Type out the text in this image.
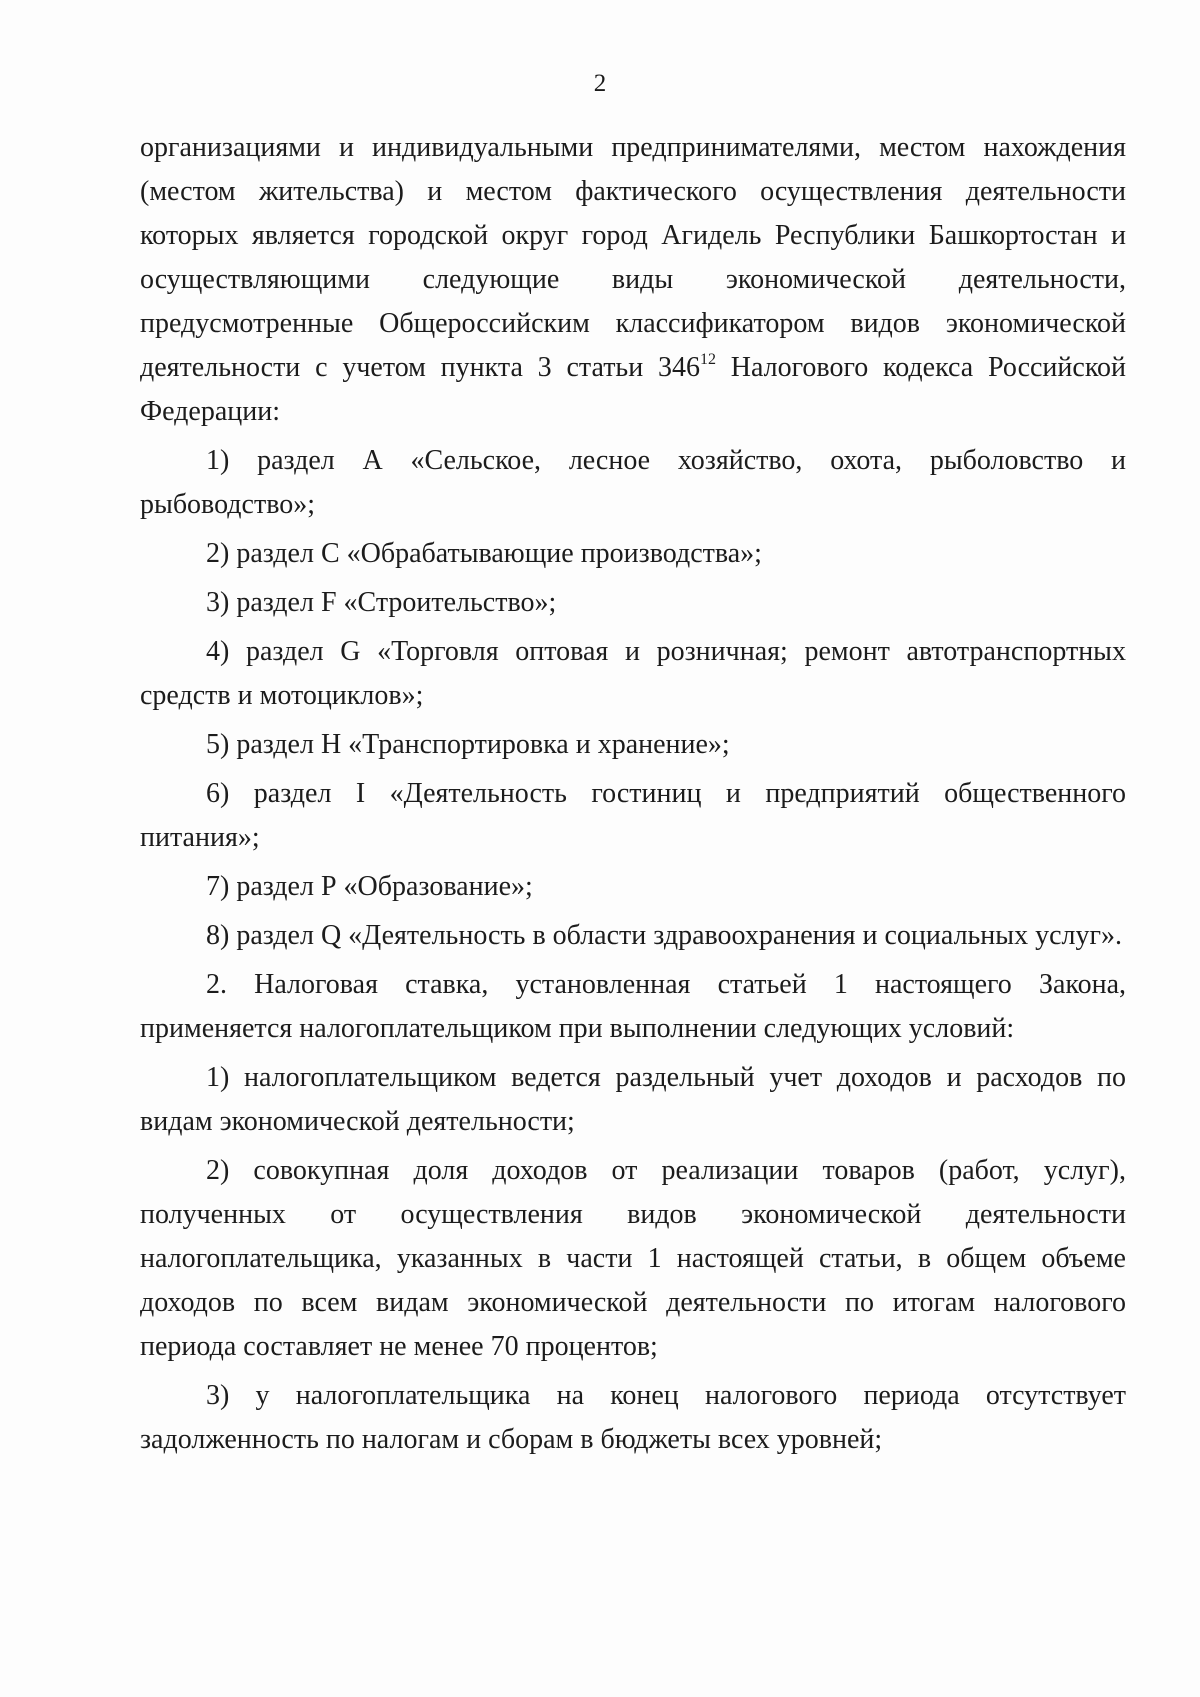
2

организациями и индивидуальными предпринимателями, местом нахождения (местом жительства) и местом фактического осуществления деятельности которых является городской округ город Агидель Республики Башкортостан и осуществляющими следующие виды экономической деятельности, предусмотренные Общероссийским классификатором видов экономической деятельности с учетом пункта 3 статьи $346^{12}$ Налогового кодекса Российской Федерации:

1) раздел А «Сельское, лесное хозяйство, охота, рыболовство и рыбоводство»;

2) раздел С «Обрабатывающие производства»;

3) раздел F «Строительство»;

4) раздел G «Торговля оптовая и розничная; ремонт автотранспортных средств и мотоциклов»;

5) раздел Н «Транспортировка и хранение»;

6) раздел I «Деятельность гостиниц и предприятий общественного питания»;

7) раздел Р «Образование»;

8) раздел Q «Деятельность в области здравоохранения и социальных услуг».

2. Налоговая ставка, установленная статьей 1 настоящего Закона, применяется налогоплательщиком при выполнении следующих условий:

1) налогоплательщиком ведется раздельный учет доходов и расходов по видам экономической деятельности;

2) совокупная доля доходов от реализации товаров (работ, услуг), полученных от осуществления видов экономической деятельности налогоплательщика, указанных в части 1 настоящей статьи, в общем объеме доходов по всем видам экономической деятельности по итогам налогового периода составляет не менее 70 процентов;

3) у налогоплательщика на конец налогового периода отсутствует задолженность по налогам и сборам в бюджеты всех уровней;
